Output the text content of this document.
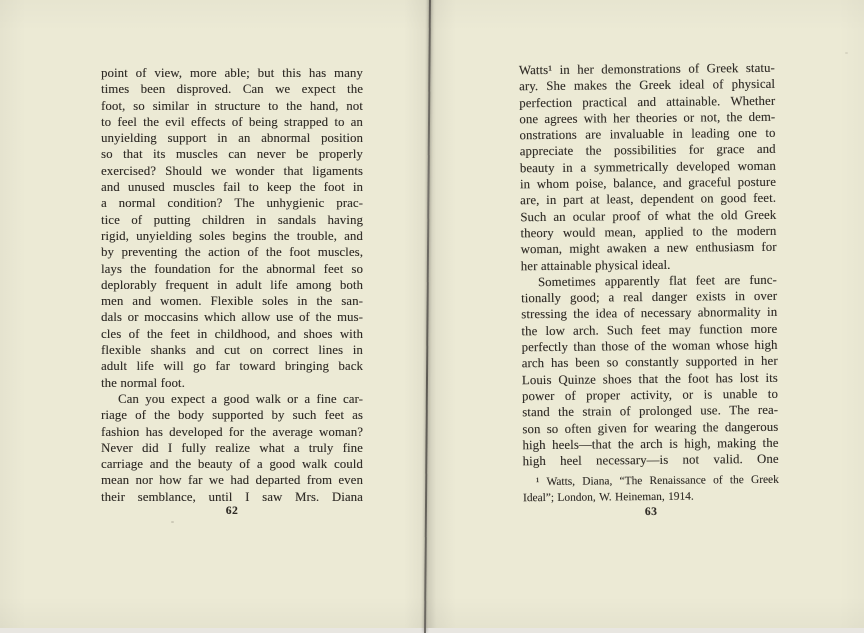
point of view, more able; but this has many
times been disproved. Can we expect the
foot, so similar in structure to the hand, not
to feel the evil effects of being strapped to an
unyielding support in an abnormal position
so that its muscles can never be properly
exercised? Should we wonder that ligaments
and unused muscles fail to keep the foot in
a normal condition? The unhygienic prac-
tice of putting children in sandals having
rigid, unyielding soles begins the trouble, and
by preventing the action of the foot muscles,
lays the foundation for the abnormal feet so
deplorably frequent in adult life among both
men and women. Flexible soles in the san-
dals or moccasins which allow use of the mus-
cles of the feet in childhood, and shoes with
flexible shanks and cut on correct lines in
adult life will go far toward bringing back
the normal foot.
Can you expect a good walk or a fine car-
riage of the body supported by such feet as
fashion has developed for the average woman?
Never did I fully realize what a truly fine
carriage and the beauty of a good walk could
mean nor how far we had departed from even
their semblance, until I saw Mrs. Diana
62
Watts¹ in her demonstrations of Greek statu-
ary. She makes the Greek ideal of physical
perfection practical and attainable. Whether
one agrees with her theories or not, the dem-
onstrations are invaluable in leading one to
appreciate the possibilities for grace and
beauty in a symmetrically developed woman
in whom poise, balance, and graceful posture
are, in part at least, dependent on good feet.
Such an ocular proof of what the old Greek
theory would mean, applied to the modern
woman, might awaken a new enthusiasm for
her attainable physical ideal.
Sometimes apparently flat feet are func-
tionally good; a real danger exists in over
stressing the idea of necessary abnormality in
the low arch. Such feet may function more
perfectly than those of the woman whose high
arch has been so constantly supported in her
Louis Quinze shoes that the foot has lost its
power of proper activity, or is unable to
stand the strain of prolonged use. The rea-
son so often given for wearing the dangerous
high heels—that the arch is high, making the
high heel necessary—is not valid. One
¹ Watts, Diana, “The Renaissance of the Greek
Ideal”; London, W. Heineman, 1914.
63
